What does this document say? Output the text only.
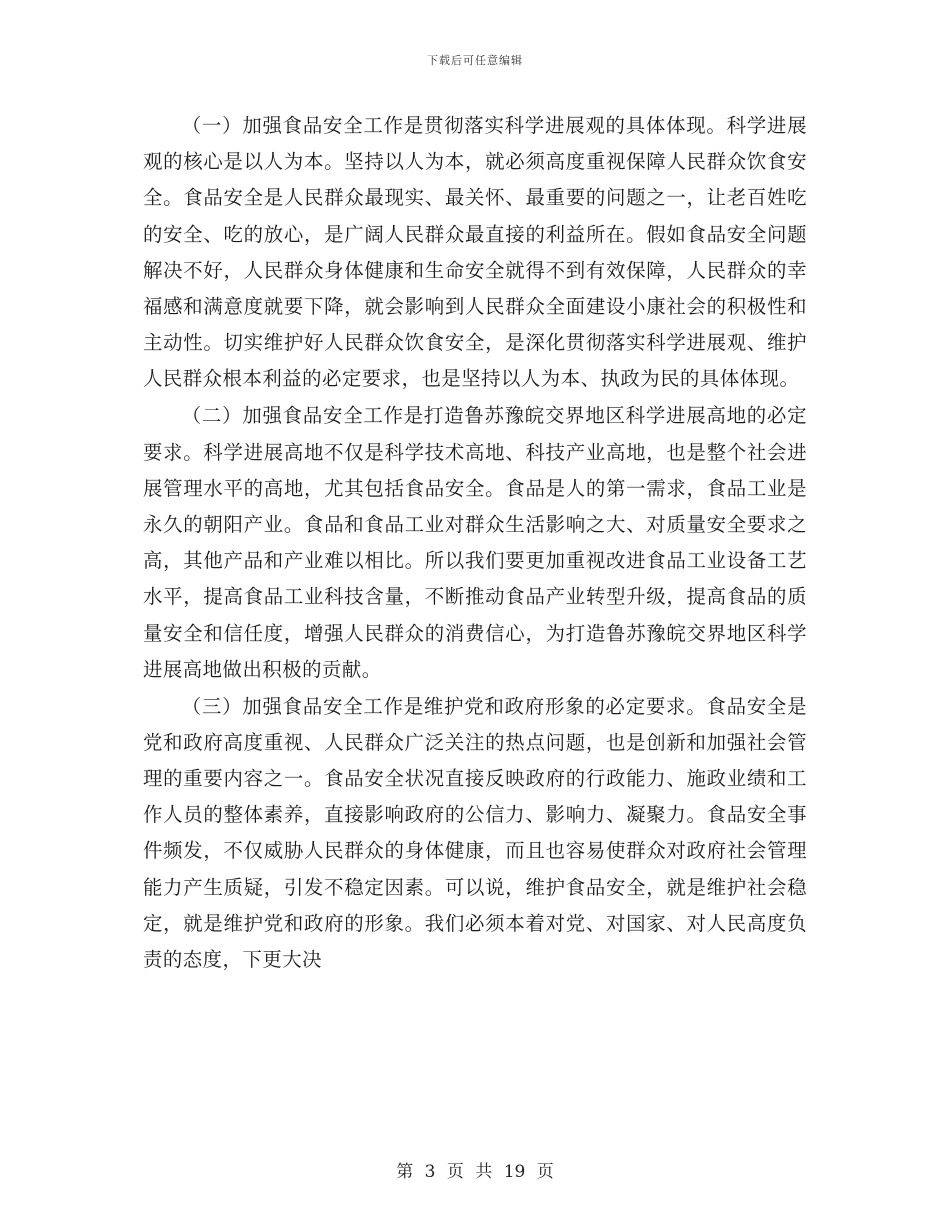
下载后可任意编辑

（一）加强食品安全工作是贯彻落实科学进展观的具体体现。科学进展观的核心是以人为本。坚持以人为本，就必须高度重视保障人民群众饮食安全。食品安全是人民群众最现实、最关怀、最重要的问题之一，让老百姓吃的安全、吃的放心，是广阔人民群众最直接的利益所在。假如食品安全问题解决不好，人民群众身体健康和生命安全就得不到有效保障，人民群众的幸福感和满意度就要下降，就会影响到人民群众全面建设小康社会的积极性和主动性。切实维护好人民群众饮食安全，是深化贯彻落实科学进展观、维护人民群众根本利益的必定要求，也是坚持以人为本、执政为民的具体体现。

（二）加强食品安全工作是打造鲁苏豫皖交界地区科学进展高地的必定要求。科学进展高地不仅是科学技术高地、科技产业高地，也是整个社会进展管理水平的高地，尤其包括食品安全。食品是人的第一需求，食品工业是永久的朝阳产业。食品和食品工业对群众生活影响之大、对质量安全要求之高，其他产品和产业难以相比。所以我们要更加重视改进食品工业设备工艺水平，提高食品工业科技含量，不断推动食品产业转型升级，提高食品的质量安全和信任度，增强人民群众的消费信心，为打造鲁苏豫皖交界地区科学进展高地做出积极的贡献。

（三）加强食品安全工作是维护党和政府形象的必定要求。食品安全是党和政府高度重视、人民群众广泛关注的热点问题，也是创新和加强社会管理的重要内容之一。食品安全状况直接反映政府的行政能力、施政业绩和工作人员的整体素养，直接影响政府的公信力、影响力、凝聚力。食品安全事件频发，不仅威胁人民群众的身体健康，而且也容易使群众对政府社会管理能力产生质疑，引发不稳定因素。可以说，维护食品安全，就是维护社会稳定，就是维护党和政府的形象。我们必须本着对党、对国家、对人民高度负责的态度，下更大决

第 3 页 共 19 页
